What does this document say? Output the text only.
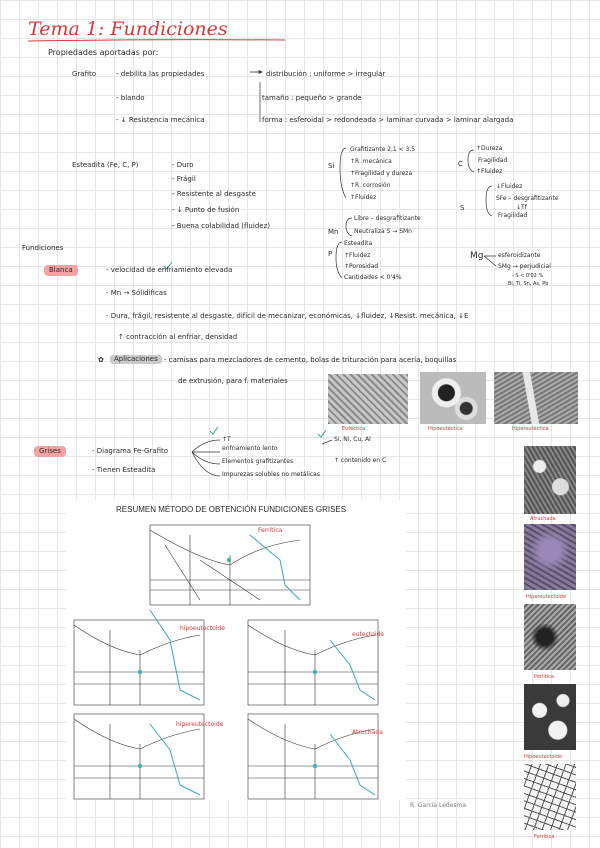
Tema 1: Fundiciones
Propiedades aportadas por:
Grafito	- debilita las propiedades
- blando
- ↓ Resistencia mecánica
distribución : uniforme > irregular
tamaño : pequeño > grande
forma : esferoidal > redondeada > laminar curvada > laminar alargada
Esteadita (Fe, C, P)	- Duro
- Frágil
- Resistente al desgaste
- ↓ Punto de fusión
- Buena colabilidad (fluidez)
Si
Grafitizante 2,1 < 3,5
↑R. mecánica
↑Fragilidad y dureza
↑R. corrosión
↑Fluidez
C
↑Dureza
Fragilidad
↑Fluidez
S
↓Fluidez
SFe – desgrafitizante
↓Tf
Fragilidad
Mn
Libre – desgrafitizante
Neutraliza S → SMn
P
Esteadita
↑Fluidez
↑Porosidad
Cantidades < 0'4%
Mg esferoidizante
SMg → perjudicial
- S < 0'02 %
Bi, Ti, Sn, As, Pb
Fundiciones
Blanca	- velocidad de enfriamiento elevada
- Mn → Sólidificas
- Dura, frágil, resistente al desgaste, difícil de mecanizar, económicas, ↓fluidez, ↓Resist. mecánica, ↓E
↑ contracción al enfriar, densidad
✿	Aplicaciones - camisas para mezcladores de cemento, bolas de trituración para acería, boquillas
de extrusión, para f. materiales
Eutéctica	Hipoeutéctica	Hipereutéctica
Grises	- Diagrama Fe-Grafito
↑T
enfriamiento lento
Elementos grafitizantes
Impurezas solubles no metálicas
Si, Ni, Cu, Al
↑ contenido en C
- Tienen Esteadita
RESUMEN MÉTODO DE OBTENCIÓN FUNDICIONES GRISES
Ferrítica
hipoeutectoide
eutectoide
hipereutectoide
Atruchada
R. García Ledesma
Atruchada
Hipereutectoide
Perlítica
Hipoeutectoide
Ferrítica
